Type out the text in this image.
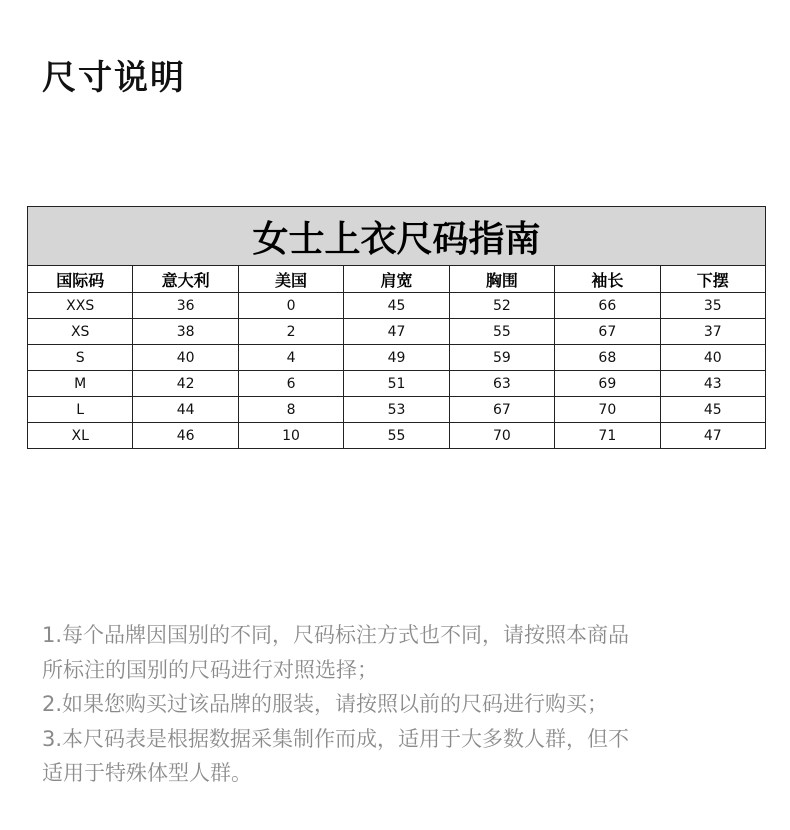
尺寸说明
女士上衣尺码指南						
国际码	意大利	美国	肩宽	胸围	袖长	下摆
XXS	36	0	45	52	66	35
XS	38	2	47	55	67	37
S	40	4	49	59	68	40
M	42	6	51	63	69	43
L	44	8	53	67	70	45
XL	46	10	55	70	71	47

1.每个品牌因国别的不同，尺码标注方式也不同，请按照本商品

所标注的国别的尺码进行对照选择；

2.如果您购买过该品牌的服装，请按照以前的尺码进行购买；

3.本尺码表是根据数据采集制作而成，适用于大多数人群，但不

适用于特殊体型人群。
